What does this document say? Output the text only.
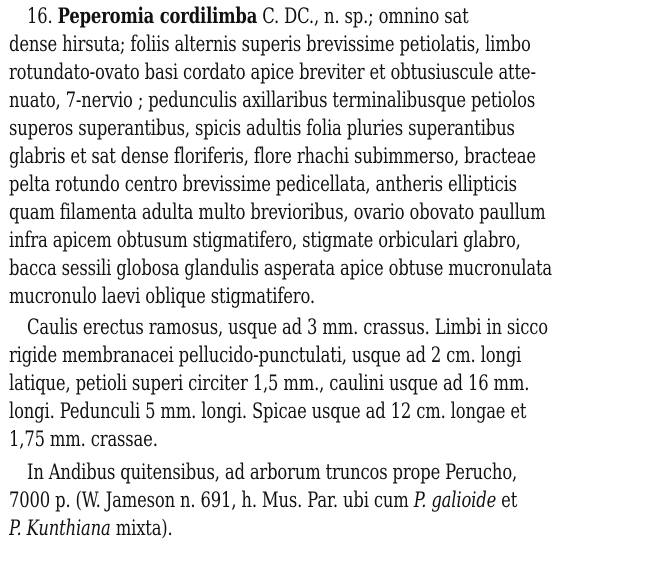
16. Peperomia cordilimba C. DC., n. sp.; omnino sat
dense hirsuta; foliis alternis superis brevissime petiolatis, limbo
rotundato-ovato basi cordato apice breviter et obtusiuscule atte-
nuato, 7-nervio ; pedunculis axillaribus terminalibusque petiolos
superos superantibus, spicis adultis folia pluries superantibus
glabris et sat dense floriferis, flore rhachi subimmerso, bracteae
pelta rotundo centro brevissime pedicellata, antheris ellipticis
quam filamenta adulta multo brevioribus, ovario obovato paullum
infra apicem obtusum stigmatifero, stigmate orbiculari glabro,
bacca sessili globosa glandulis asperata apice obtuse mucronulata
mucronulo laevi oblique stigmatifero.
Caulis erectus ramosus, usque ad 3 mm. crassus. Limbi in sicco
rigide membranacei pellucido-punctulati, usque ad 2 cm. longi
latique, petioli superi circiter 1,5 mm., caulini usque ad 16 mm.
longi. Pedunculi 5 mm. longi. Spicae usque ad 12 cm. longae et
1,75 mm. crassae.
In Andibus quitensibus, ad arborum truncos prope Perucho,
7000 p. (W. Jameson n. 691, h. Mus. Par. ubi cum P. galioide et
P. Kunthiana mixta).
